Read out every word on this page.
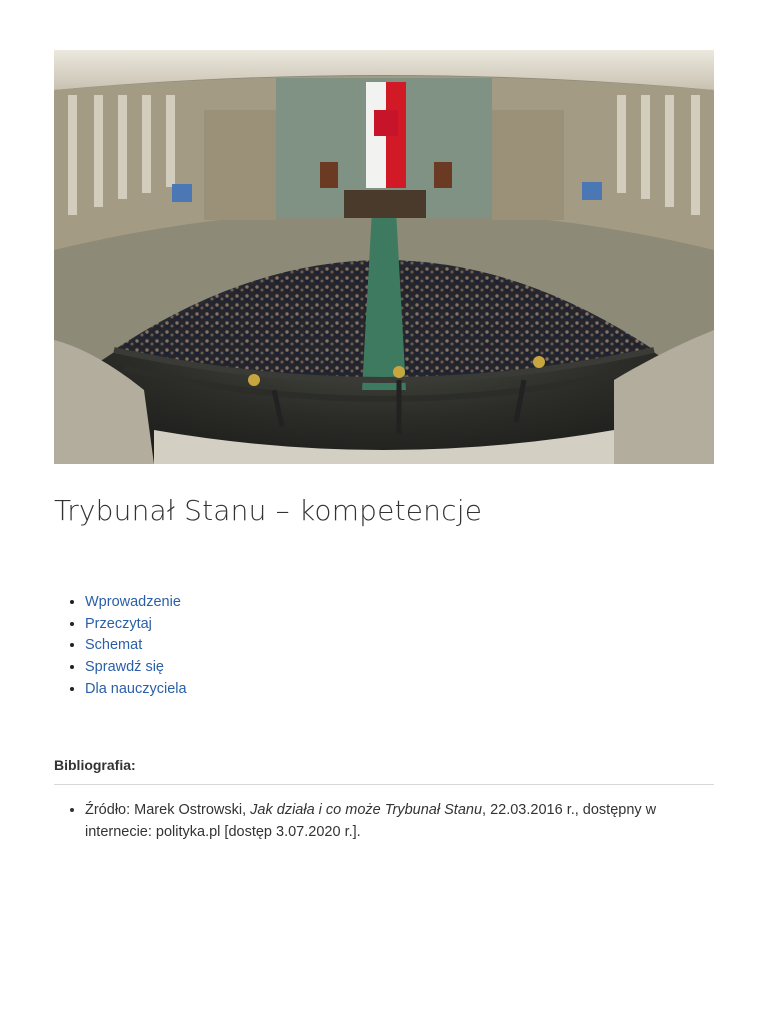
Trybunał Stanu – kompetencje
• Wprowadzenie
• Przeczytaj
• Schemat
• Sprawdź się
• Dla nauczyciela
Bibliografia:
• Źródło: Marek Ostrowski, Jak działa i co może Trybunał Stanu, 22.03.2016 r., dostępny w internecie: polityka.pl [dostęp 3.07.2020 r.].
